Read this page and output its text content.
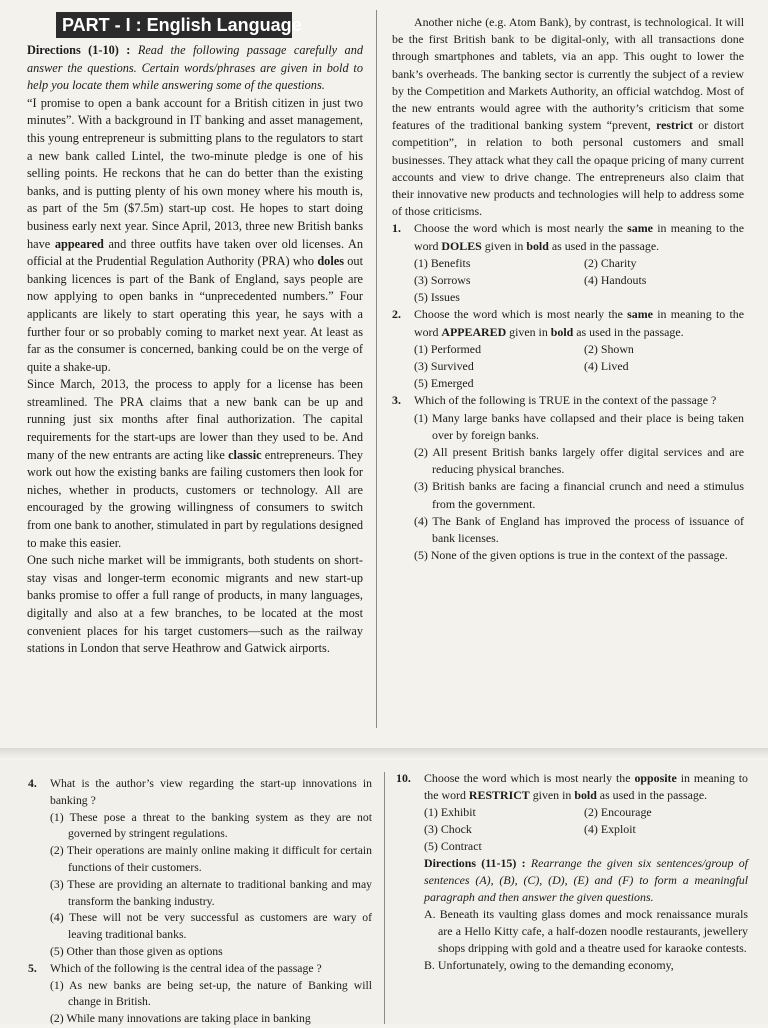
PART - I : English Language

Directions (1-10) : Read the following passage carefully and answer the questions. Certain words/phrases are given in bold to help you locate them while answering some of the questions.

“I promise to open a bank account for a British citizen in just two minutes”. With a background in IT banking and asset management, this young entrepreneur is submitting plans to the regulators to start a new bank called Lintel, the two-minute pledge is one of his selling points. He reckons that he can do better than the existing banks, and is putting plenty of his own money where his mouth is, as part of the 5m ($7.5m) start-up cost. He hopes to start doing business early next year. Since April, 2013, three new British banks have appeared and three outfits have taken over old licenses. An official at the Prudential Regulation Authority (PRA) who doles out banking licences is part of the Bank of England, says people are now applying to open banks in “unprecedented numbers.” Four applicants are likely to start operating this year, he says with a further four or so probably coming to market next year. At least as far as the consumer is concerned, banking could be on the verge of quite a shake-up.

Since March, 2013, the process to apply for a license has been streamlined. The PRA claims that a new bank can be up and running just six months after final authorization. The capital requirements for the start-ups are lower than they used to be. And many of the new entrants are acting like classic entrepreneurs. They work out how the existing banks are failing customers then look for niches, whether in products, customers or technology. All are encouraged by the growing willingness of consumers to switch from one bank to another, stimulated in part by regulations designed to make this easier.

One such niche market will be immigrants, both students on short-stay visas and longer-term economic migrants and new start-up banks promise to offer a full range of products, in many languages, digitally and also at a few branches, to be located at the most convenient places for his target customers—such as the railway stations in London that serve Heathrow and Gatwick airports.

Another niche (e.g. Atom Bank), by contrast, is technological. It will be the first British bank to be digital-only, with all transactions done through smartphones and tablets, via an app. This ought to lower the bank’s overheads. The banking sector is currently the subject of a review by the Competition and Markets Authority, an official watchdog. Most of the new entrants would agree with the authority’s criticism that some features of the traditional banking system “prevent, restrict or distort competition”, in relation to both personal customers and small businesses. They attack what they call the opaque pricing of many current accounts and view to drive change. The entrepreneurs also claim that their innovative new products and technologies will help to address some of those criticisms.

1. Choose the word which is most nearly the same in meaning to the word DOLES given in bold as used in the passage.

(1) Benefits	(2) Charity

(3) Sorrows	(4) Handouts

(5) Issues

2. Choose the word which is most nearly the same in meaning to the word APPEARED given in bold as used in the passage.

(1) Performed	(2) Shown

(3) Survived	(4) Lived

(5) Emerged

3. Which of the following is TRUE in the context of the passage ?

(1) Many large banks have collapsed and their place is being taken over by foreign banks.

(2) All present British banks largely offer digital services and are reducing physical branches.

(3) British banks are facing a financial crunch and need a stimulus from the government.

(4) The Bank of England has improved the process of issuance of bank licenses.

(5) None of the given options is true in the context of the passage.

4. What is the author’s view regarding the start-up innovations in banking ?

(1) These pose a threat to the banking system as they are not governed by stringent regulations.

(2) Their operations are mainly online making it difficult for certain functions of their customers.

(3) These are providing an alternate to traditional banking and may transform the banking industry.

(4) These will not be very successful as customers are wary of leaving traditional banks.

(5) Other than those given as options

5. Which of the following is the central idea of the passage ?

(1) As new banks are being set-up, the nature of Banking will change in British.

(2) While many innovations are taking place in banking

10. Choose the word which is most nearly the opposite in meaning to the word RESTRICT given in bold as used in the passage.

(1) Exhibit	(2) Encourage

(3) Chock	(4) Exploit

(5) Contract

Directions (11-15) : Rearrange the given six sentences/group of sentences (A), (B), (C), (D), (E) and (F) to form a meaningful paragraph and then answer the given questions.

A. Beneath its vaulting glass domes and mock renaissance murals are a Hello Kitty cafe, a half-dozen noodle restaurants, jewellery shops dripping with gold and a theatre used for karaoke contests.

B. Unfortunately, owing to the demanding economy,
